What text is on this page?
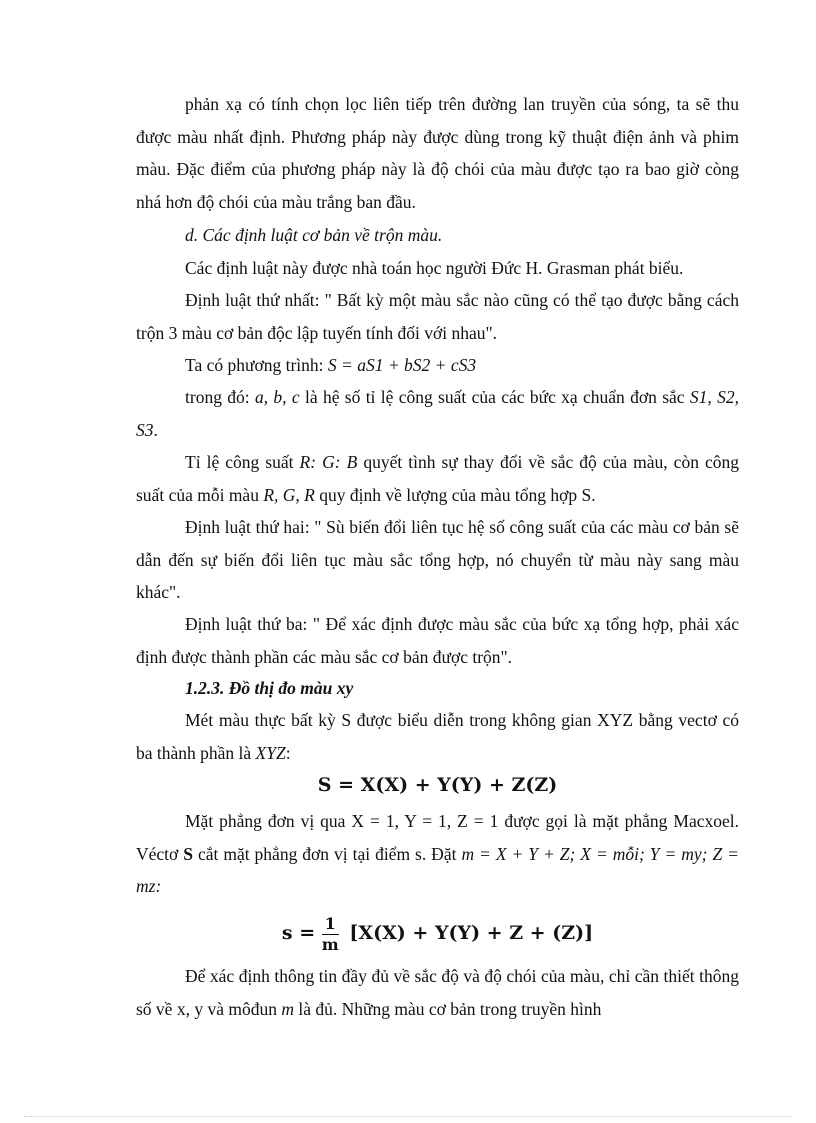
phản xạ có tính chọn lọc liên tiếp trên đường lan truyền của sóng, ta sẽ thu được màu nhất định. Phương pháp này được dùng trong kỹ thuật điện ảnh và phim màu. Đặc điểm của phương pháp này là độ chói của màu được tạo ra bao giờ còng nhá hơn độ chói của màu trắng ban đầu.

d. Các định luật cơ bản về trộn màu.

Các định luật này được nhà toán học người Đức H. Grasman phát biểu.

Định luật thứ nhất: " Bất kỳ một màu sắc nào cũng có thể tạo được bằng cách trộn 3 màu cơ bản độc lập tuyến tính đối với nhau".

Ta có phương trình: S = aS1 + bS2 + cS3

trong đó: a, b, c là hệ số tỉ lệ công suất của các bức xạ chuẩn đơn sắc S1, S2, S3.

Tỉ lệ công suất R: G: B quyết tình sự thay đổi về sắc độ của màu, còn công suất của mỗi màu R, G, R quy định về lượng của màu tổng hợp S.

Định luật thứ hai: " Sù biến đổi liên tục hệ số công suất của các màu cơ bản sẽ dẫn đến sự biến đổi liên tục màu sắc tổng hợp, nó chuyển từ màu này sang màu khác".

Định luật thứ ba: " Để xác định được màu sắc của bức xạ tổng hợp, phải xác định được thành phần các màu sắc cơ bản được trộn".

1.2.3. Đồ thị đo màu xy

Mét màu thực bất kỳ S được biểu diễn trong không gian XYZ bằng vectơ có ba thành phần là XYZ:

S = X(X) + Y(Y) + Z(Z)

Mặt phẳng đơn vị qua X = 1, Y = 1, Z = 1 được gọi là mặt phẳng Macxoel. Véctơ S cắt mặt phẳng đơn vị tại điểm s. Đặt m = X + Y + Z; X = mỗi; Y = my; Z = mz:

$s = \frac{1}{m} [X(X) + Y(Y) + Z + (Z)]$

Để xác định thông tin đầy đủ về sắc độ và độ chói của màu, chỉ cần thiết thông số về x, y và môđun m là đủ. Những màu cơ bản trong truyền hình
